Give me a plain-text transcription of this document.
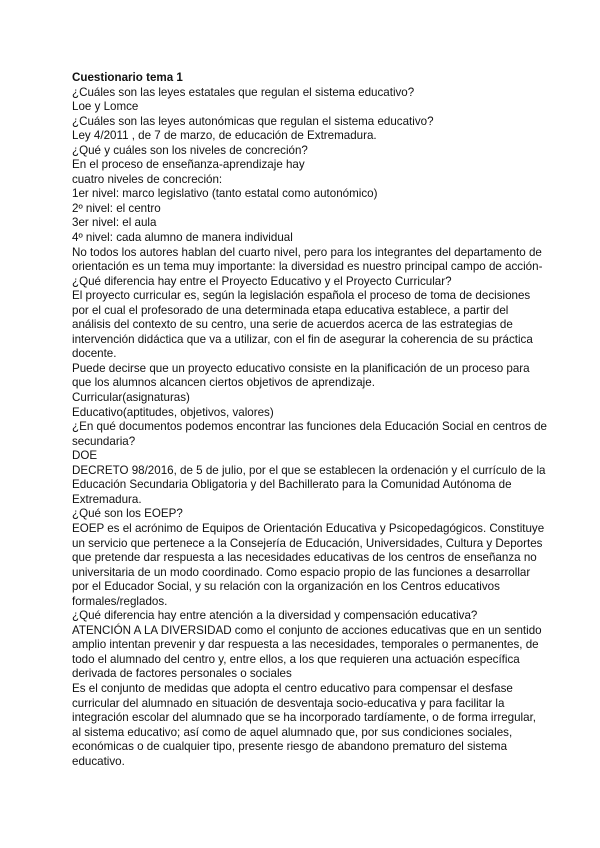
Cuestionario tema 1
¿Cuáles son las leyes estatales que regulan el sistema educativo?
Loe y Lomce
¿Cuáles son las leyes autonómicas que regulan el sistema educativo?
Ley 4/2011 , de 7 de marzo, de educación de Extremadura.
¿Qué y cuáles son los niveles de concreción?
En el proceso de enseñanza-aprendizaje hay
cuatro niveles de concreción:
1er nivel: marco legislativo (tanto estatal como autonómico)
2º nivel: el centro
3er nivel: el aula
4º nivel: cada alumno de manera individual
No todos los autores hablan del cuarto nivel, pero para los integrantes del departamento de
orientación es un tema muy importante: la diversidad es nuestro principal campo de acción-
¿Qué diferencia hay entre el Proyecto Educativo y el Proyecto Curricular?
El proyecto curricular es, según la legislación española el proceso de toma de decisiones
por el cual el profesorado de una determinada etapa educativa establece, a partir del
análisis del contexto de su centro, una serie de acuerdos acerca de las estrategias de
intervención didáctica que va a utilizar, con el fin de asegurar la coherencia de su práctica
docente.
Puede decirse que un proyecto educativo consiste en la planificación de un proceso para
que los alumnos alcancen ciertos objetivos de aprendizaje.
Curricular(asignaturas)
Educativo(aptitudes, objetivos, valores)
¿En qué documentos podemos encontrar las funciones dela Educación Social en centros de
secundaria?
DOE
DECRETO 98/2016, de 5 de julio, por el que se establecen la ordenación y el currículo de la
Educación Secundaria Obligatoria y del Bachillerato para la Comunidad Autónoma de
Extremadura.
¿Qué son los EOEP?
EOEP es el acrónimo de Equipos de Orientación Educativa y Psicopedagógicos. Constituye
un servicio que pertenece a la Consejería de Educación, Universidades, Cultura y Deportes
que pretende dar respuesta a las necesidades educativas de los centros de enseñanza no
universitaria de un modo coordinado. Como espacio propio de las funciones a desarrollar
por el Educador Social, y su relación con la organización en los Centros educativos
formales/reglados.
¿Qué diferencia hay entre atención a la diversidad y compensación educativa?
ATENCIÓN A LA DIVERSIDAD como el conjunto de acciones educativas que en un sentido
amplio intentan prevenir y dar respuesta a las necesidades, temporales o permanentes, de
todo el alumnado del centro y, entre ellos, a los que requieren una actuación específica
derivada de factores personales o sociales
Es el conjunto de medidas que adopta el centro educativo para compensar el desfase
curricular del alumnado en situación de desventaja socio-educativa y para facilitar la
integración escolar del alumnado que se ha incorporado tardíamente, o de forma irregular,
al sistema educativo; así como de aquel alumnado que, por sus condiciones sociales,
económicas o de cualquier tipo, presente riesgo de abandono prematuro del sistema
educativo.
